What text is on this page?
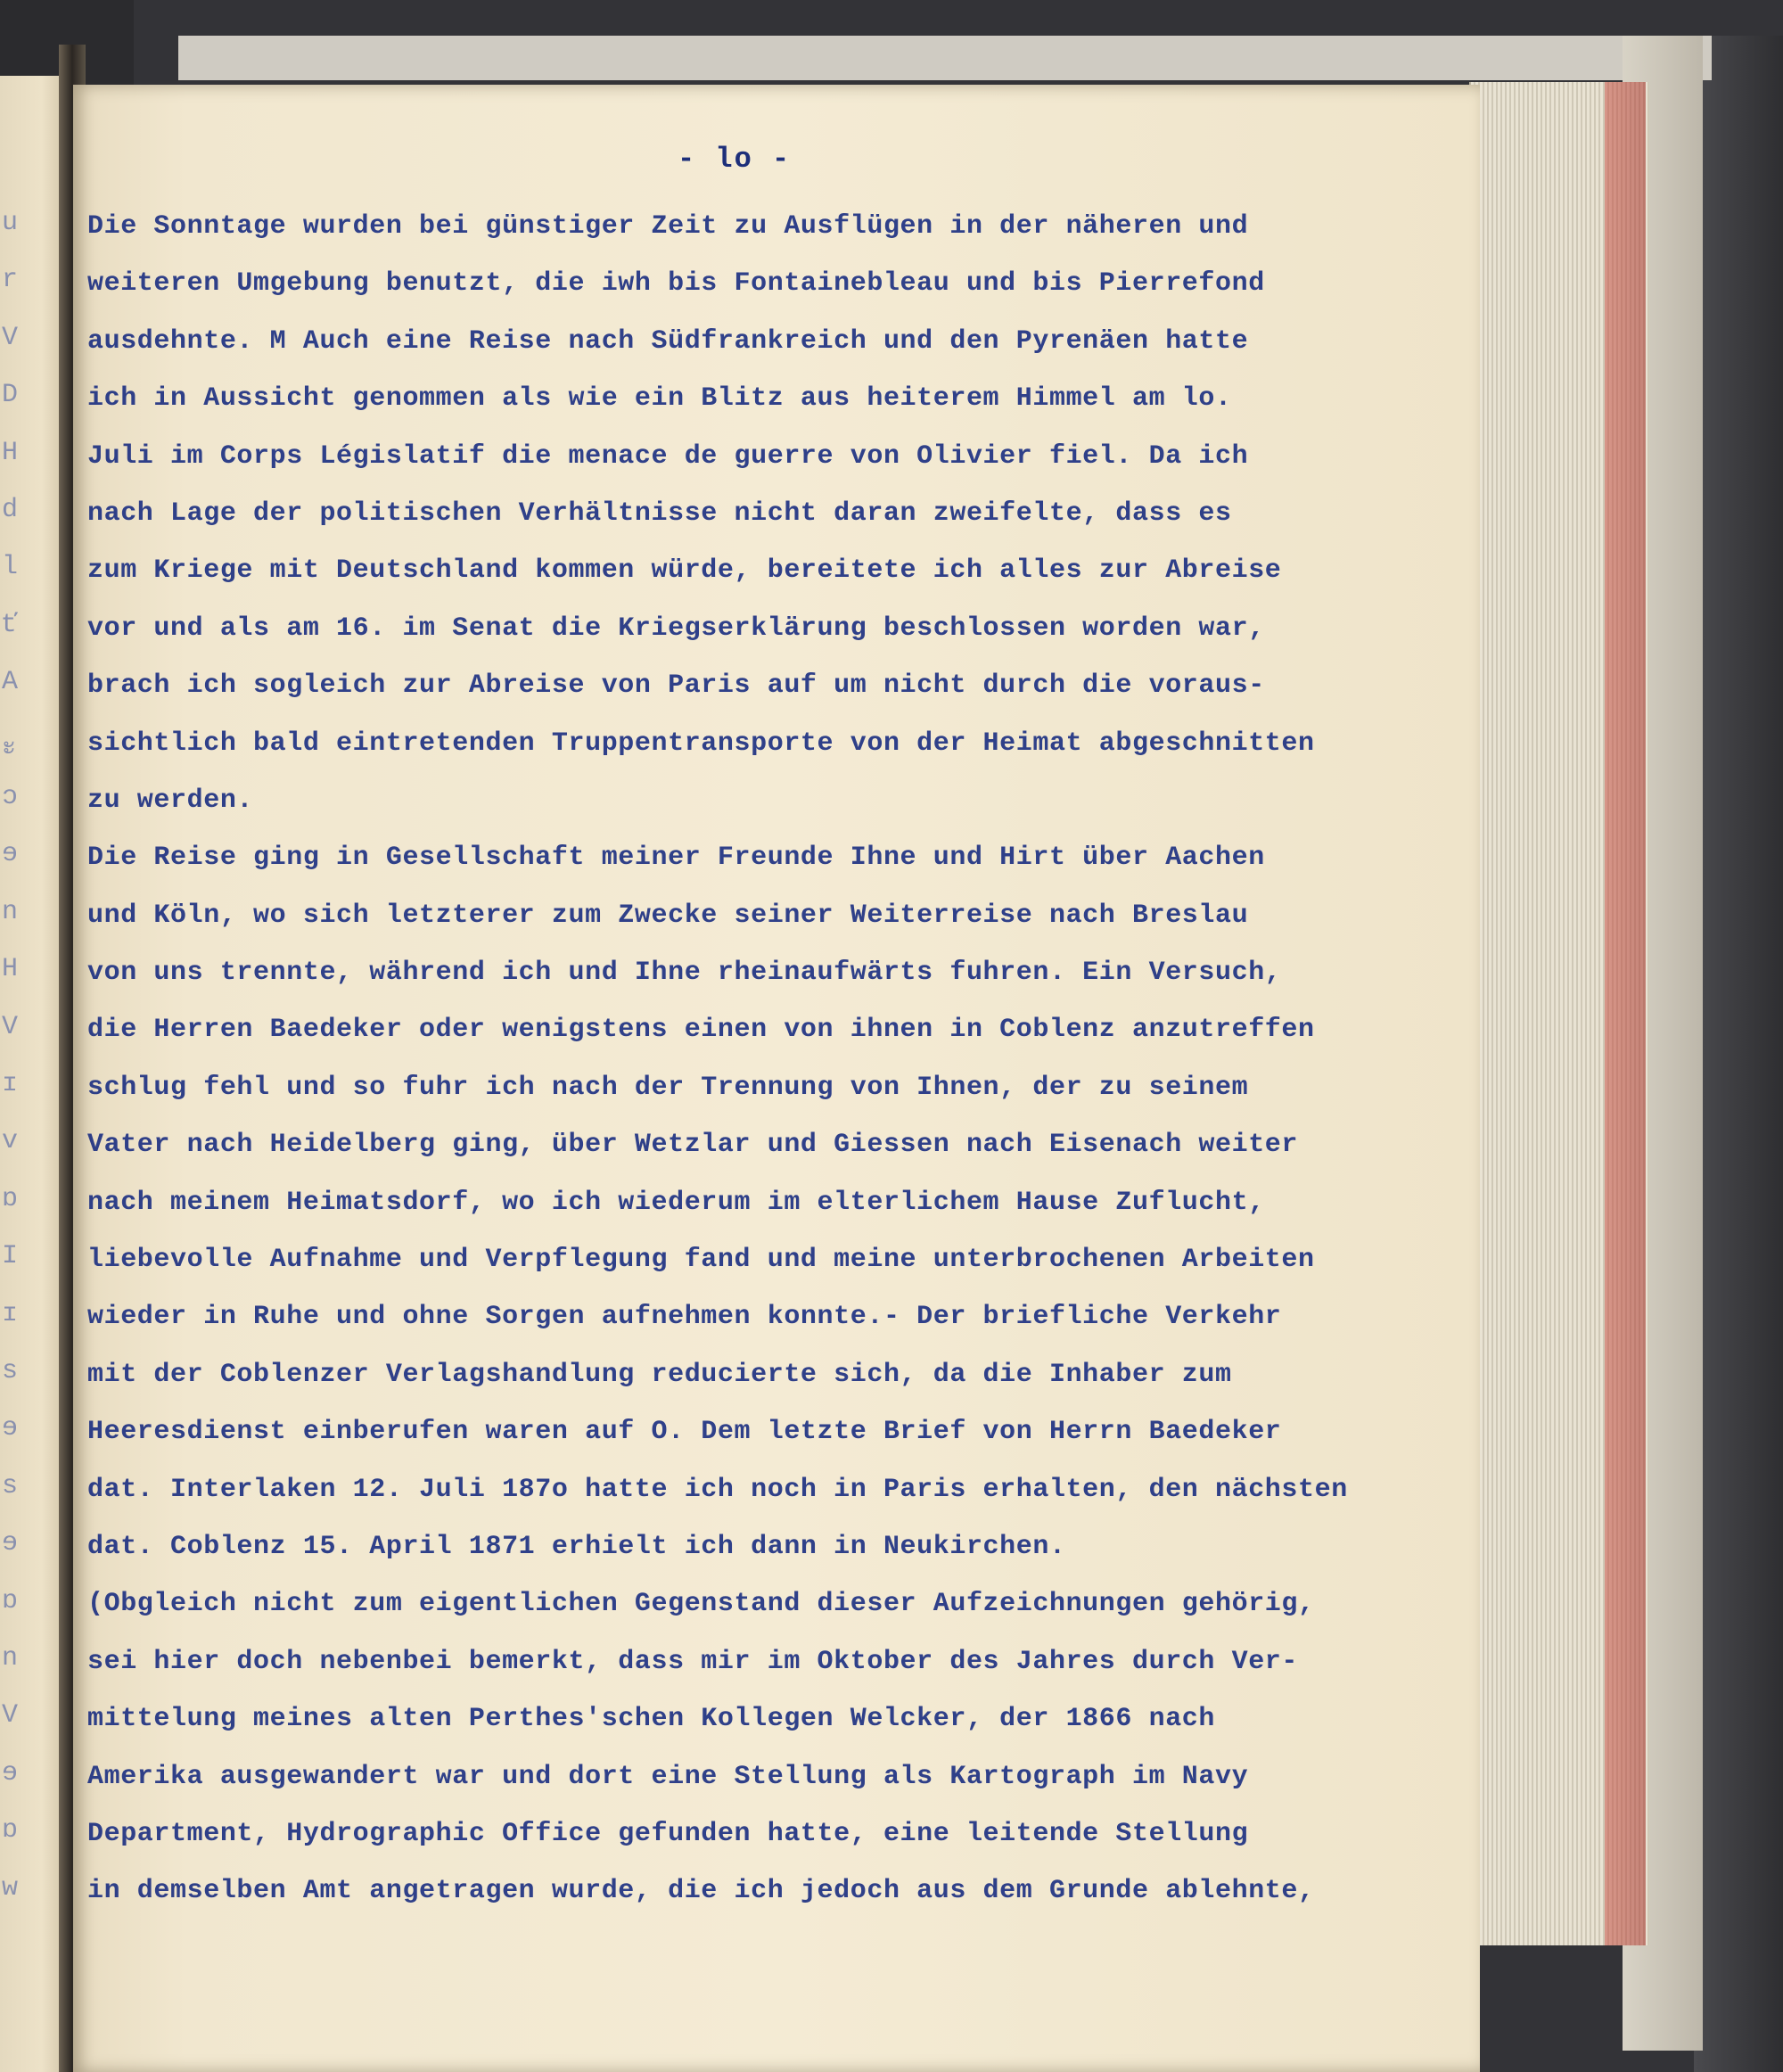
u
r
V
D
H
d
l
ť
A
ะ
ɔ
ɘ
n
H
V
ɪ
v
ɒ
I
ɪ
s
ɘ
s
ɘ
ɒ
n
V
ɘ
ɒ
w
- lo -
Die Sonntage wurden bei günstiger Zeit zu Ausflügen in der näheren und
weiteren Umgebung benutzt, die iwh bis Fontainebleau und bis Pierrefond
ausdehnte. M Auch eine Reise nach Südfrankreich und den Pyrenäen hatte
ich in Aussicht genommen als wie ein Blitz aus heiterem Himmel am lo.
Juli im Corps Législatif die menace de guerre von Olivier fiel. Da ich
nach Lage der politischen Verhältnisse nicht daran zweifelte, dass es
zum Kriege mit Deutschland kommen würde, bereitete ich alles zur Abreise
vor und als am 16. im Senat die Kriegserklärung beschlossen worden war,
brach ich sogleich zur Abreise von Paris auf um nicht durch die voraus-
sichtlich bald eintretenden Truppentransporte von der Heimat abgeschnitten
zu werden.
Die Reise ging in Gesellschaft meiner Freunde Ihne und Hirt über Aachen
und Köln, wo sich letzterer zum Zwecke seiner Weiterreise nach Breslau
von uns trennte, während ich und Ihne rheinaufwärts fuhren. Ein Versuch,
die Herren Baedeker oder wenigstens einen von ihnen in Coblenz anzutreffen
schlug fehl und so fuhr ich nach der Trennung von Ihnen, der zu seinem
Vater nach Heidelberg ging, über Wetzlar und Giessen nach Eisenach weiter
nach meinem Heimatsdorf, wo ich wiederum im elterlichem Hause Zuflucht,
liebevolle Aufnahme und Verpflegung fand und meine unterbrochenen Arbeiten
wieder in Ruhe und ohne Sorgen aufnehmen konnte.- Der briefliche Verkehr
mit der Coblenzer Verlagshandlung reducierte sich, da die Inhaber zum
Heeresdienst einberufen waren auf O. Dem letzte Brief von Herrn Baedeker
dat. Interlaken 12. Juli 187o hatte ich noch in Paris erhalten, den nächsten
dat. Coblenz 15. April 1871 erhielt ich dann in Neukirchen.
(Obgleich nicht zum eigentlichen Gegenstand dieser Aufzeichnungen gehörig,
sei hier doch nebenbei bemerkt, dass mir im Oktober des Jahres durch Ver-
mittelung meines alten Perthes'schen Kollegen Welcker, der 1866 nach
Amerika ausgewandert war und dort eine Stellung als Kartograph im Navy
Department, Hydrographic Office gefunden hatte, eine leitende Stellung
in demselben Amt angetragen wurde, die ich jedoch aus dem Grunde ablehnte,
